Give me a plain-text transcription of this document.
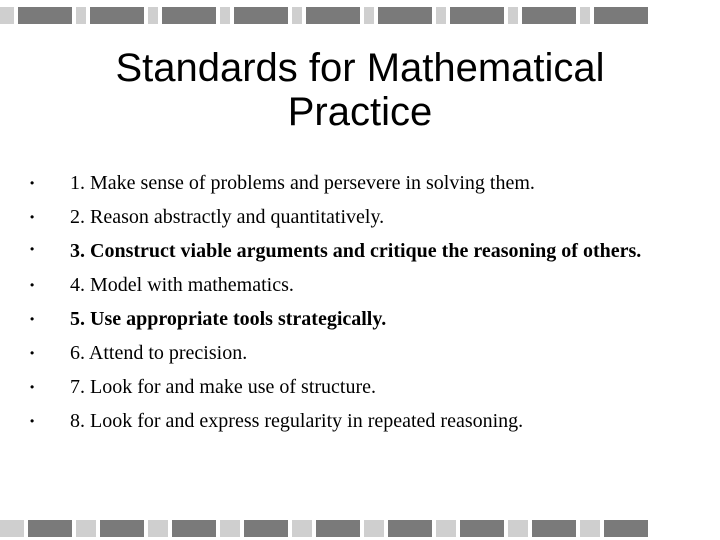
Standards for Mathematical Practice
• 1. Make sense of problems and persevere in solving them.
• 2. Reason abstractly and quantitatively.
• 3. Construct viable arguments and critique the reasoning of others.
• 4. Model with mathematics.
• 5. Use appropriate tools strategically.
• 6. Attend to precision.
• 7. Look for and make use of structure.
• 8. Look for and express regularity in repeated reasoning.
